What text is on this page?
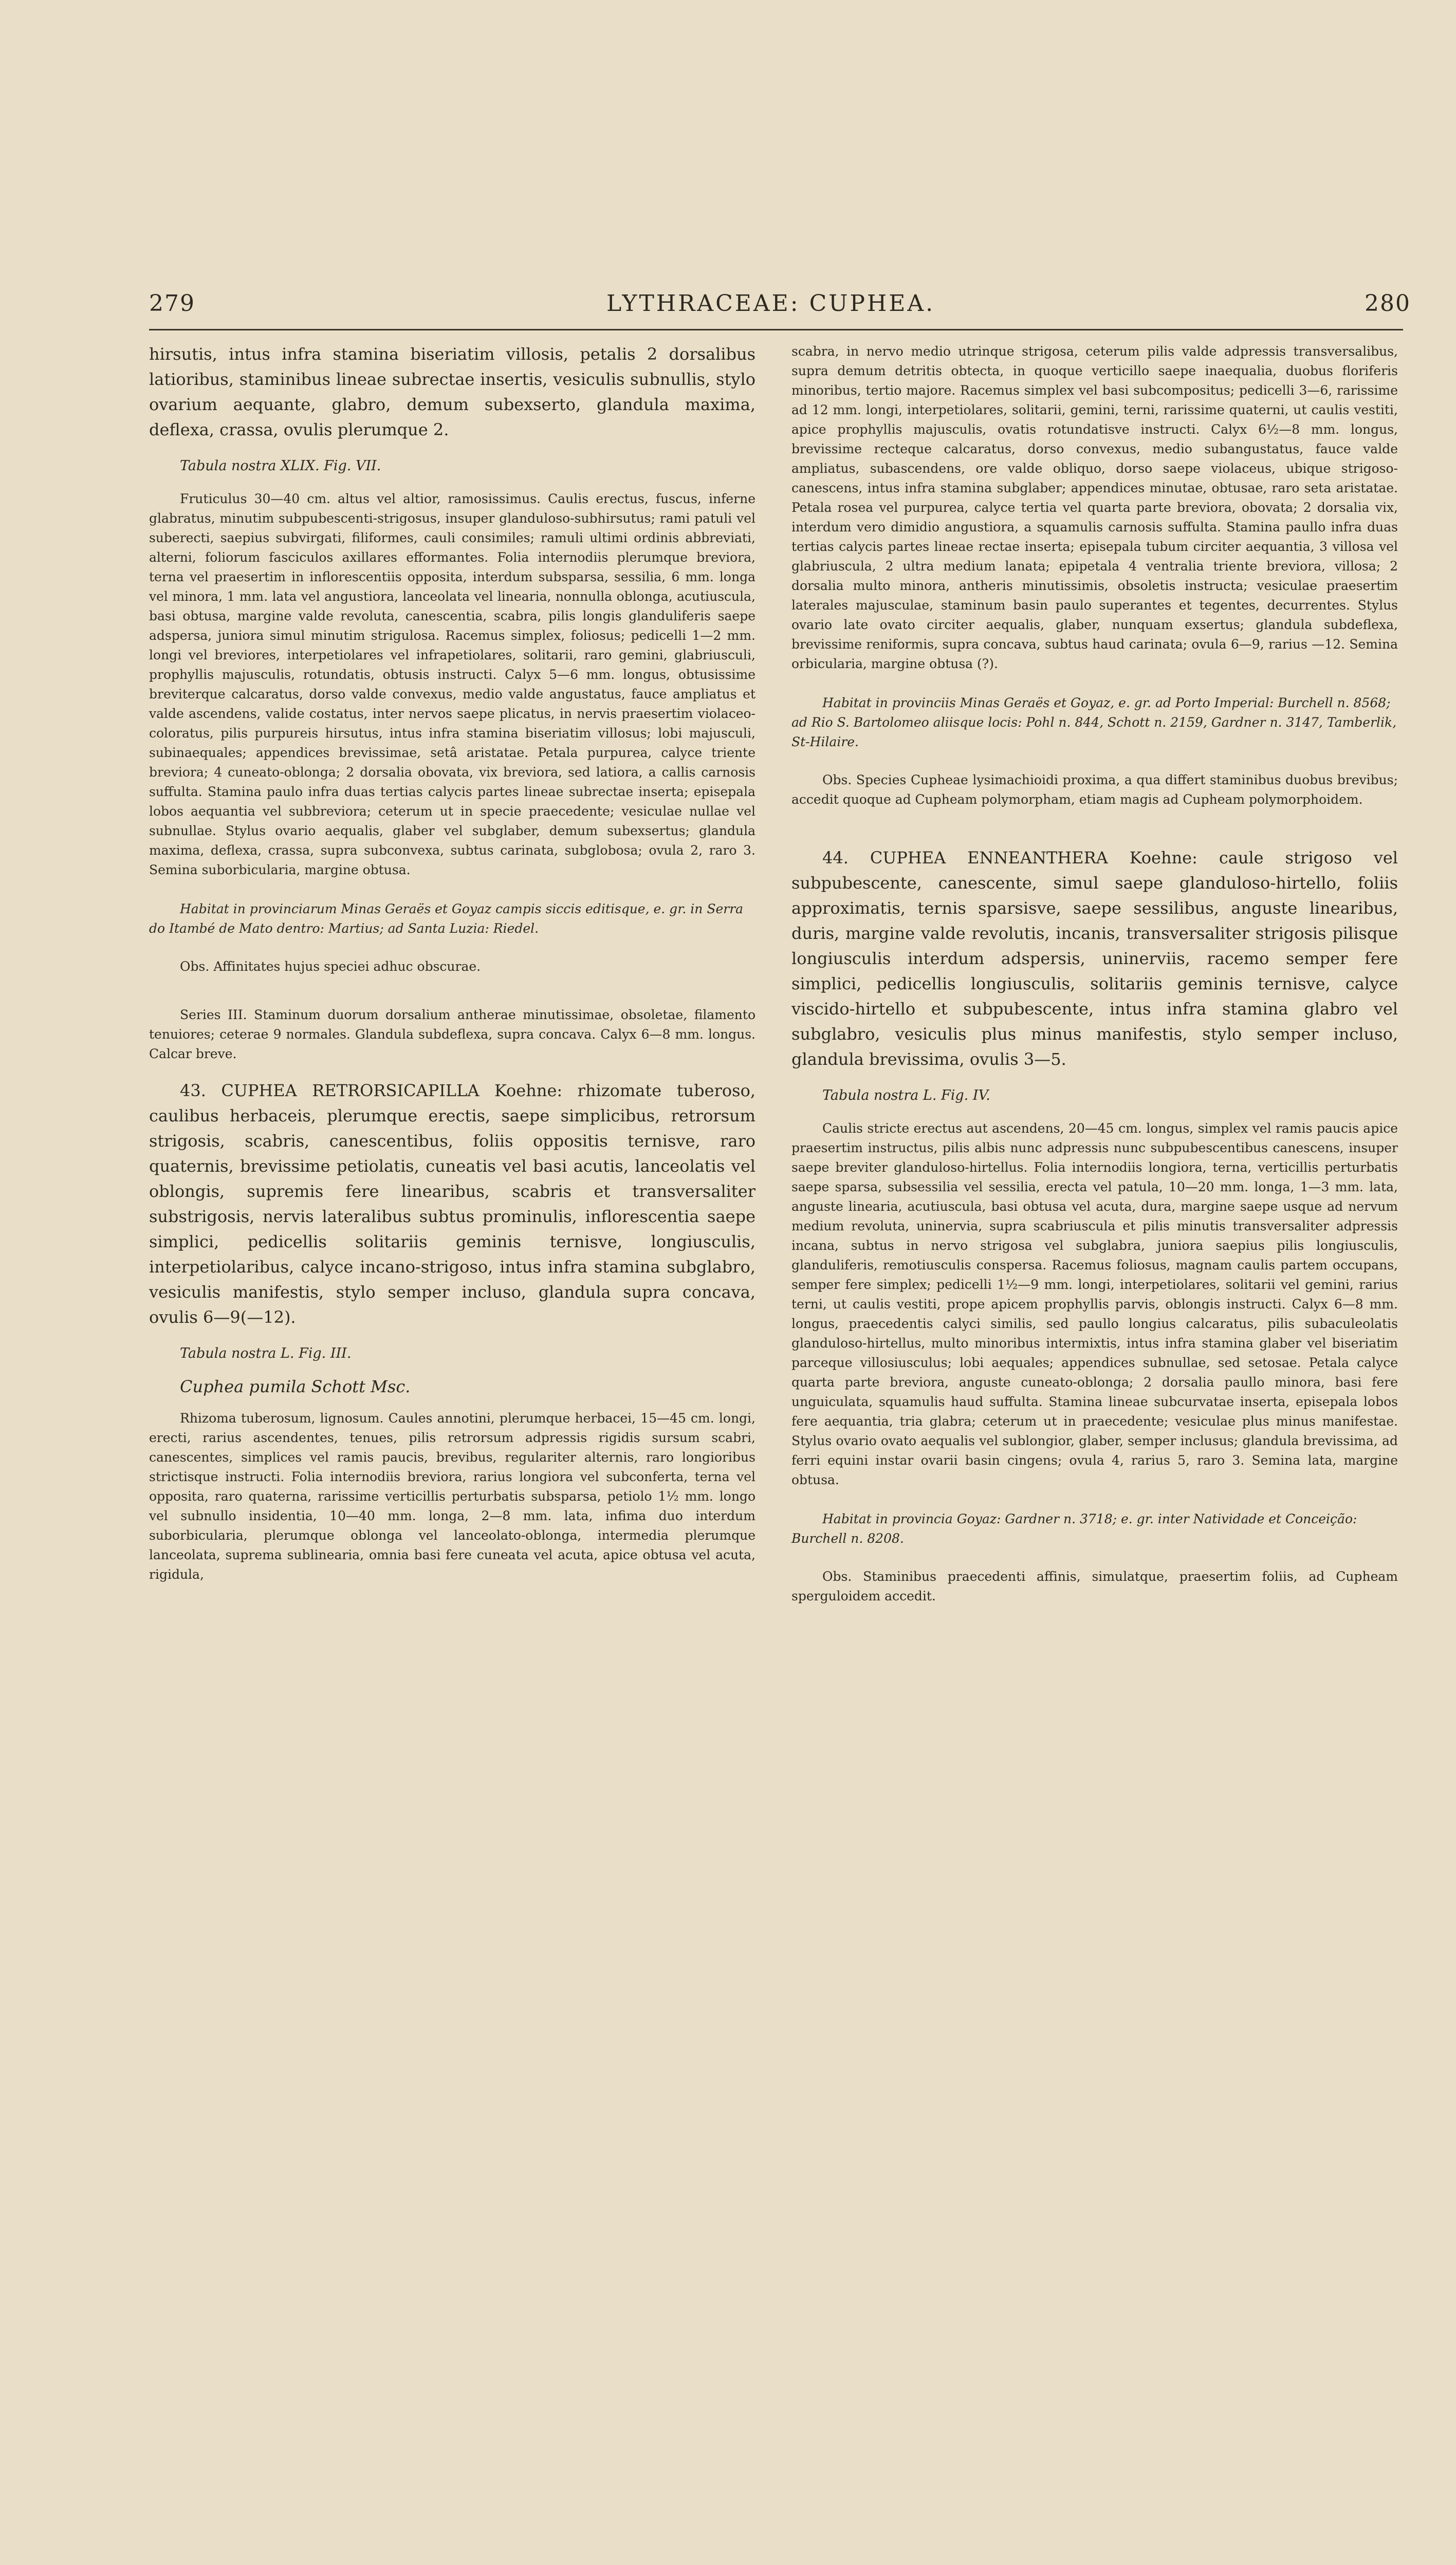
279	LYTHRACEAE: CUPHEA.	280

hirsutis, intus infra stamina biseriatim villosis, petalis 2 dorsalibus latioribus, staminibus lineae subrectae insertis, vesiculis subnullis, stylo ovarium aequante, glabro, demum subexserto, glandula maxima, deflexa, crassa, ovulis plerumque 2.

Tabula nostra XLIX. Fig. VII.

Fruticulus 30—40 cm. altus vel altior, ramosissimus. Caulis erectus, fuscus, inferne glabratus, minutim subpubescenti-strigosus, insuper glanduloso-subhirsutus; rami patuli vel suberecti, saepius subvirgati, filiformes, cauli consimiles; ramuli ultimi ordinis abbreviati, alterni, foliorum fasciculos axillares efformantes. Folia internodiis plerumque breviora, terna vel praesertim in inflorescentiis opposita, interdum subsparsa, sessilia, 6 mm. longa vel minora, 1 mm. lata vel angustiora, lanceolata vel linearia, nonnulla oblonga, acutiuscula, basi obtusa, margine valde revoluta, canescentia, scabra, pilis longis glanduliferis saepe adspersa, juniora simul minutim strigulosa. Racemus simplex, foliosus; pedicelli 1—2 mm. longi vel breviores, interpetiolares vel infrapetiolares, solitarii, raro gemini, glabriusculi, prophyllis majusculis, rotundatis, obtusis instructi. Calyx 5—6 mm. longus, obtusissime breviterque calcaratus, dorso valde convexus, medio valde angustatus, fauce ampliatus et valde ascendens, valide costatus, inter nervos saepe plicatus, in nervis praesertim violaceo-coloratus, pilis purpureis hirsutus, intus infra stamina biseriatim villosus; lobi majusculi, subinaequales; appendices brevissimae, setâ aristatae. Petala purpurea, calyce triente breviora; 4 cuneato-oblonga; 2 dorsalia obovata, vix breviora, sed latiora, a callis carnosis suffulta. Stamina paulo infra duas tertias calycis partes lineae subrectae inserta; episepala lobos aequantia vel subbreviora; ceterum ut in specie praecedente; vesiculae nullae vel subnullae. Stylus ovario aequalis, glaber vel subglaber, demum subexsertus; glandula maxima, deflexa, crassa, supra subconvexa, subtus carinata, subglobosa; ovula 2, raro 3. Semina suborbicularia, margine obtusa.

Habitat in provinciarum Minas Geraës et Goyaz campis siccis editisque, e. gr. in Serra do Itambé de Mato dentro: Martius; ad Santa Luzia: Riedel.

Obs. Affinitates hujus speciei adhuc obscurae.

Series III. Staminum duorum dorsalium antherae minutissimae, obsoletae, filamento tenuiores; ceterae 9 normales. Glandula subdeflexa, supra concava. Calyx 6—8 mm. longus. Calcar breve.

43. CUPHEA RETRORSICAPILLA Koehne: rhizomate tuberoso, caulibus herbaceis, plerumque erectis, saepe simplicibus, retrorsum strigosis, scabris, canescentibus, foliis oppositis ternisve, raro quaternis, brevissime petiolatis, cuneatis vel basi acutis, lanceolatis vel oblongis, supremis fere linearibus, scabris et transversaliter substrigosis, nervis lateralibus subtus prominulis, inflorescentia saepe simplici, pedicellis solitariis geminis ternisve, longiusculis, interpetiolaribus, calyce incano-strigoso, intus infra stamina subglabro, vesiculis manifestis, stylo semper incluso, glandula supra concava, ovulis 6—9(—12).

Tabula nostra L. Fig. III.

Cuphea pumila Schott Msc.

Rhizoma tuberosum, lignosum. Caules annotini, plerumque herbacei, 15—45 cm. longi, erecti, rarius ascendentes, tenues, pilis retrorsum adpressis rigidis sursum scabri, canescentes, simplices vel ramis paucis, brevibus, regulariter alternis, raro longioribus strictisque instructi. Folia internodiis breviora, rarius longiora vel subconferta, terna vel opposita, raro quaterna, rarissime verticillis perturbatis subsparsa, petiolo 1½ mm. longo vel subnullo insidentia, 10—40 mm. longa, 2—8 mm. lata, infima duo interdum suborbicularia, plerumque oblonga vel lanceolato-oblonga, intermedia plerumque lanceolata, suprema sublinearia, omnia basi fere cuneata vel acuta, apice obtusa vel acuta, rigidula,

scabra, in nervo medio utrinque strigosa, ceterum pilis valde adpressis transversalibus, supra demum detritis obtecta, in quoque verticillo saepe inaequalia, duobus floriferis minoribus, tertio majore. Racemus simplex vel basi subcompositus; pedicelli 3—6, rarissime ad 12 mm. longi, interpetiolares, solitarii, gemini, terni, rarissime quaterni, ut caulis vestiti, apice prophyllis majusculis, ovatis rotundatisve instructi. Calyx 6½—8 mm. longus, brevissime recteque calcaratus, dorso convexus, medio subangustatus, fauce valde ampliatus, subascendens, ore valde obliquo, dorso saepe violaceus, ubique strigoso-canescens, intus infra stamina subglaber; appendices minutae, obtusae, raro seta aristatae. Petala rosea vel purpurea, calyce tertia vel quarta parte breviora, obovata; 2 dorsalia vix, interdum vero dimidio angustiora, a squamulis carnosis suffulta. Stamina paullo infra duas tertias calycis partes lineae rectae inserta; episepala tubum circiter aequantia, 3 villosa vel glabriuscula, 2 ultra medium lanata; epipetala 4 ventralia triente breviora, villosa; 2 dorsalia multo minora, antheris minutissimis, obsoletis instructa; vesiculae praesertim laterales majusculae, staminum basin paulo superantes et tegentes, decurrentes. Stylus ovario late ovato circiter aequalis, glaber, nunquam exsertus; glandula subdeflexa, brevissime reniformis, supra concava, subtus haud carinata; ovula 6—9, rarius —12. Semina orbicularia, margine obtusa (?).

Habitat in provinciis Minas Geraës et Goyaz, e. gr. ad Porto Imperial: Burchell n. 8568; ad Rio S. Bartolomeo aliisque locis: Pohl n. 844, Schott n. 2159, Gardner n. 3147, Tamberlik, St-Hilaire.

Obs. Species Cupheae lysimachioidi proxima, a qua differt staminibus duobus brevibus; accedit quoque ad Cupheam polymorpham, etiam magis ad Cupheam polymorphoidem.

44. CUPHEA ENNEANTHERA Koehne: caule strigoso vel subpubescente, canescente, simul saepe glanduloso-hirtello, foliis approximatis, ternis sparsisve, saepe sessilibus, anguste linearibus, duris, margine valde revolutis, incanis, transversaliter strigosis pilisque longiusculis interdum adspersis, uninerviis, racemo semper fere simplici, pedicellis longiusculis, solitariis geminis ternisve, calyce viscido-hirtello et subpubescente, intus infra stamina glabro vel subglabro, vesiculis plus minus manifestis, stylo semper incluso, glandula brevissima, ovulis 3—5.

Tabula nostra L. Fig. IV.

Caulis stricte erectus aut ascendens, 20—45 cm. longus, simplex vel ramis paucis apice praesertim instructus, pilis albis nunc adpressis nunc subpubescentibus canescens, insuper saepe breviter glanduloso-hirtellus. Folia internodiis longiora, terna, verticillis perturbatis saepe sparsa, subsessilia vel sessilia, erecta vel patula, 10—20 mm. longa, 1—3 mm. lata, anguste linearia, acutiuscula, basi obtusa vel acuta, dura, margine saepe usque ad nervum medium revoluta, uninervia, supra scabriuscula et pilis minutis transversaliter adpressis incana, subtus in nervo strigosa vel subglabra, juniora saepius pilis longiusculis, glanduliferis, remotiusculis conspersa. Racemus foliosus, magnam caulis partem occupans, semper fere simplex; pedicelli 1½—9 mm. longi, interpetiolares, solitarii vel gemini, rarius terni, ut caulis vestiti, prope apicem prophyllis parvis, oblongis instructi. Calyx 6—8 mm. longus, praecedentis calyci similis, sed paullo longius calcaratus, pilis subaculeolatis glanduloso-hirtellus, multo minoribus intermixtis, intus infra stamina glaber vel biseriatim parceque villosiusculus; lobi aequales; appendices subnullae, sed setosae. Petala calyce quarta parte breviora, anguste cuneato-oblonga; 2 dorsalia paullo minora, basi fere unguiculata, squamulis haud suffulta. Stamina lineae subcurvatae inserta, episepala lobos fere aequantia, tria glabra; ceterum ut in praecedente; vesiculae plus minus manifestae. Stylus ovario ovato aequalis vel sublongior, glaber, semper inclusus; glandula brevissima, ad ferri equini instar ovarii basin cingens; ovula 4, rarius 5, raro 3. Semina lata, margine obtusa.

Habitat in provincia Goyaz: Gardner n. 3718; e. gr. inter Natividade et Conceição: Burchell n. 8208.

Obs. Staminibus praecedenti affinis, simulatque, praesertim foliis, ad Cupheam sperguloidem accedit.
